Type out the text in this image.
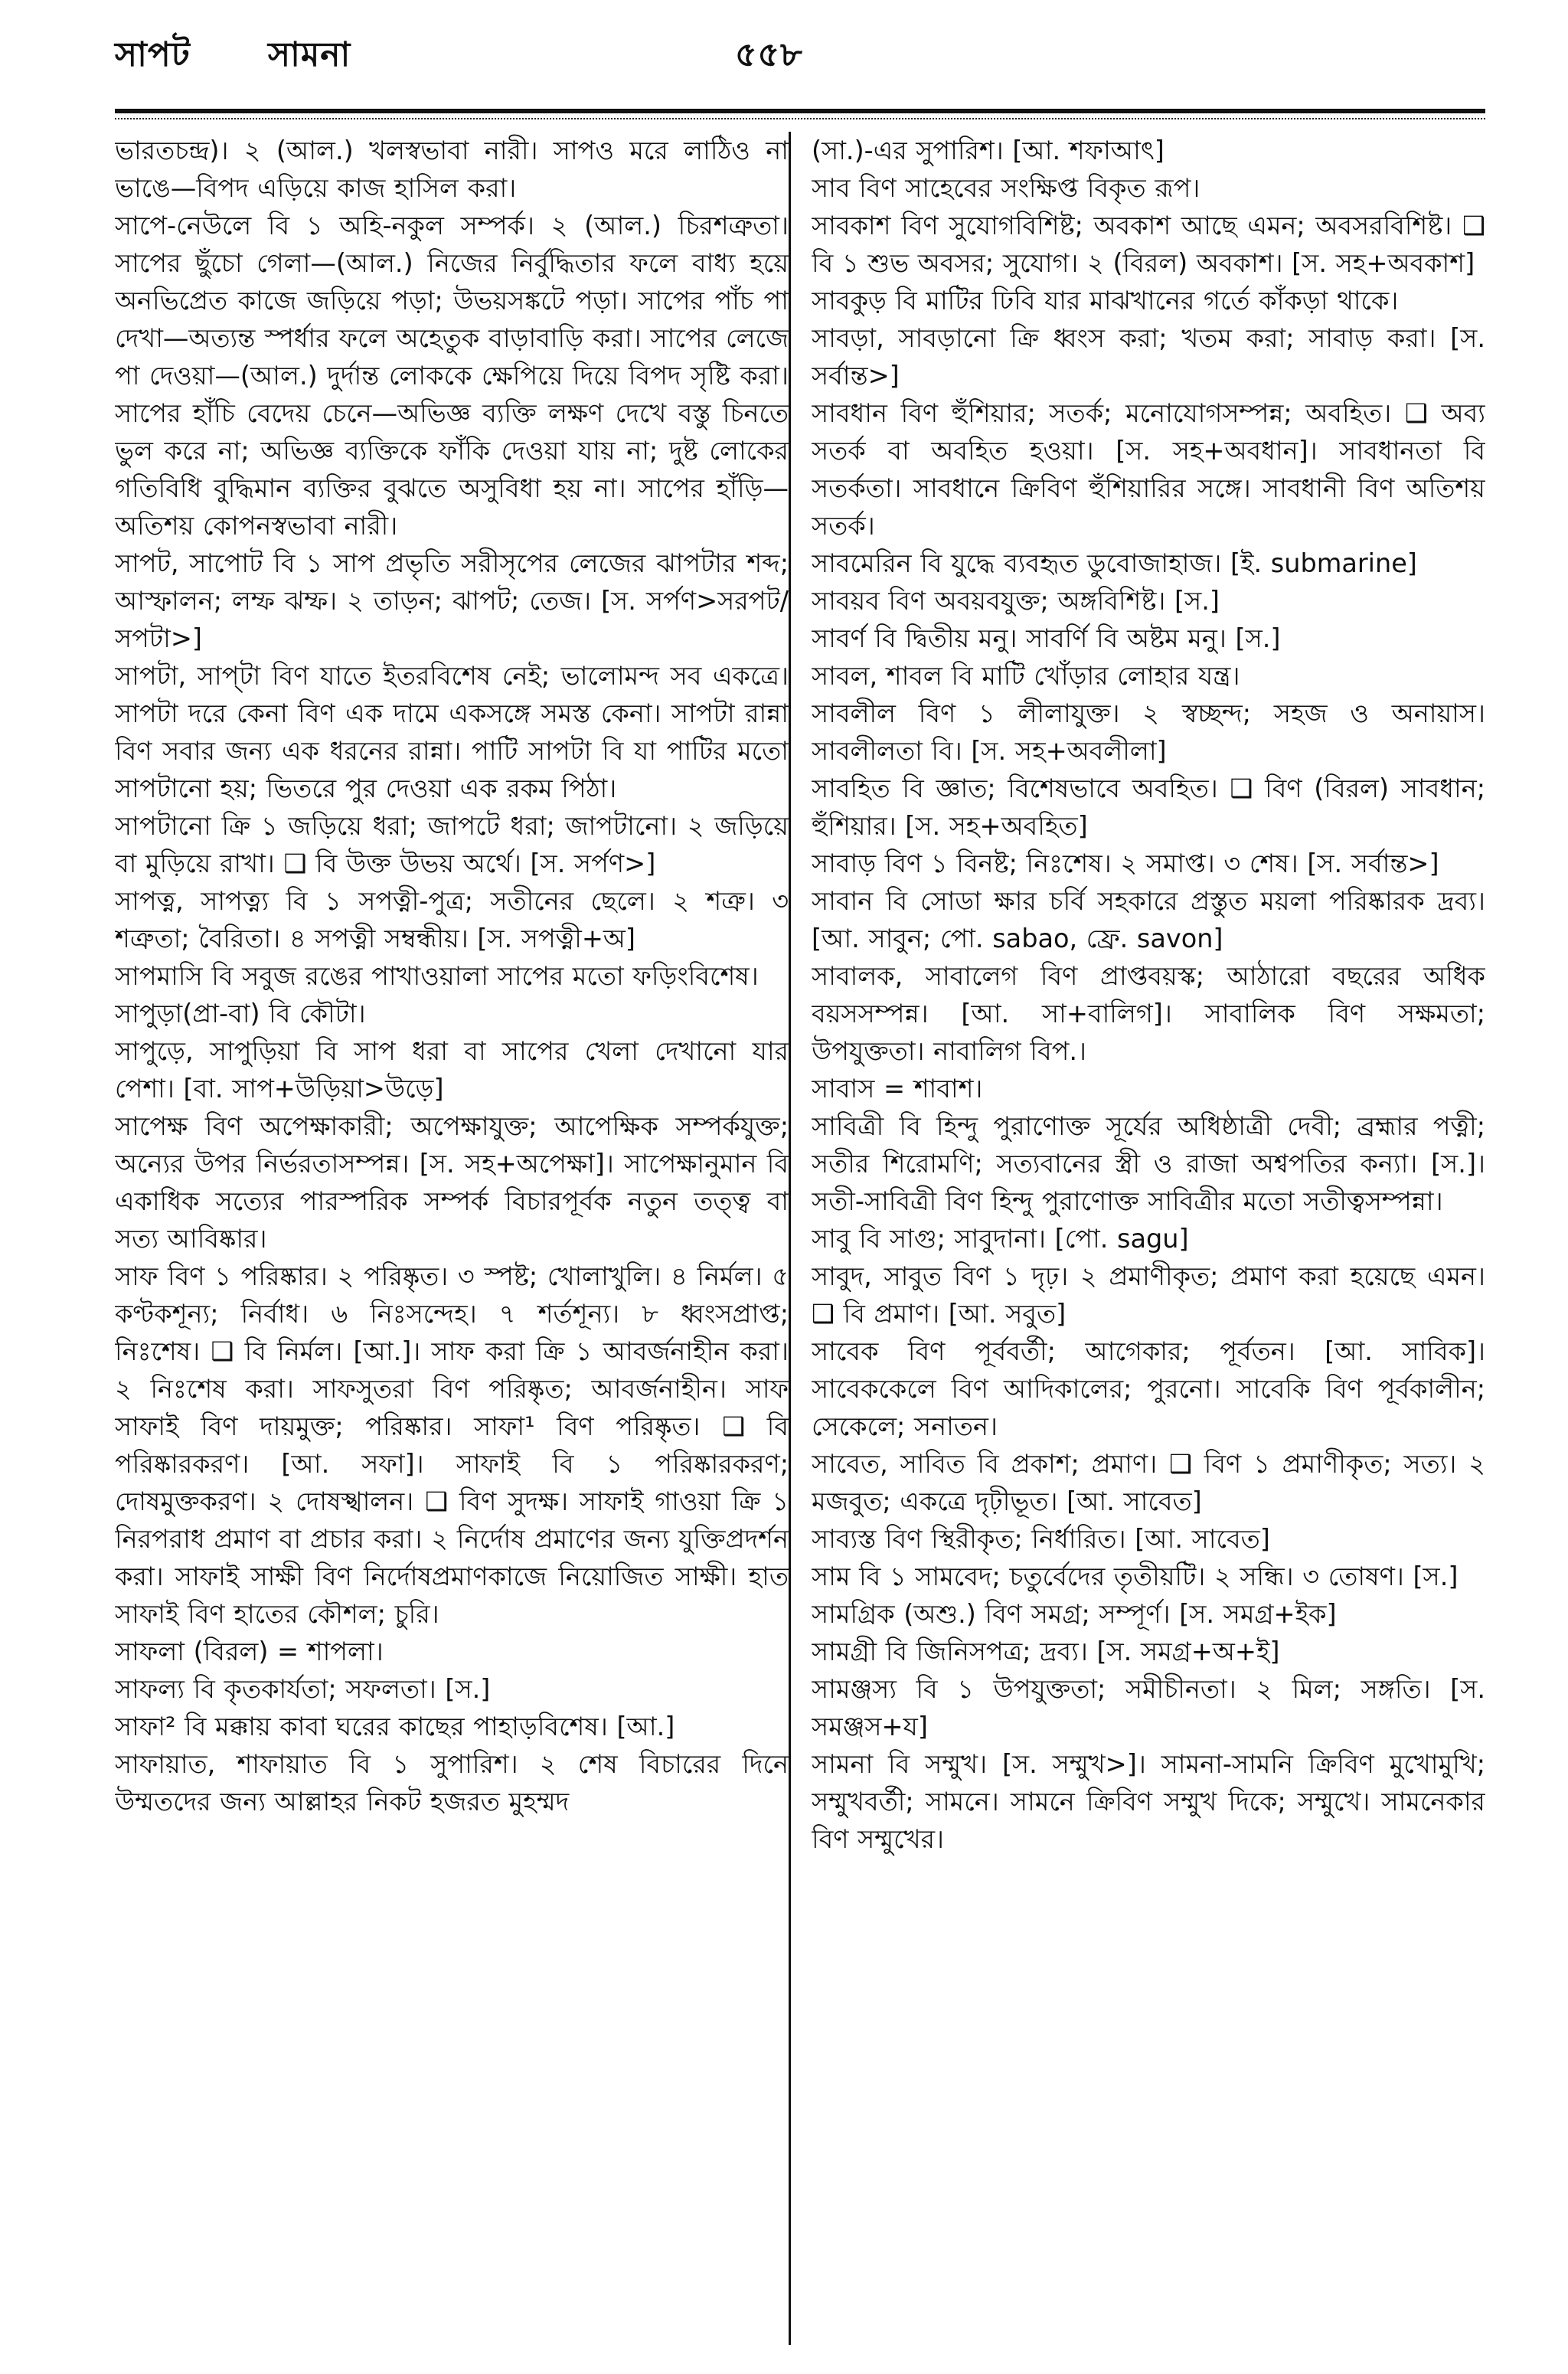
সাপট সামনা	৫৫৮

ভারতচন্দ্র)। ২ (আল.) খলস্বভাবা নারী। সাপও মরে লাঠিও না ভাঙে—বিপদ এড়িয়ে কাজ হাসিল করা।

সাপে-নেউলে বি ১ অহি-নকুল সম্পর্ক। ২ (আল.) চিরশত্রুতা। সাপের ছুঁচো গেলা—(আল.) নিজের নির্বুদ্ধিতার ফলে বাধ্য হয়ে অনভিপ্রেত কাজে জড়িয়ে পড়া; উভয়সঙ্কটে পড়া। সাপের পাঁচ পা দেখা—অত্যন্ত স্পর্ধার ফলে অহেতুক বাড়াবাড়ি করা। সাপের লেজে পা দেওয়া—(আল.) দুর্দান্ত লোককে ক্ষেপিয়ে দিয়ে বিপদ সৃষ্টি করা। সাপের হাঁচি বেদেয় চেনে—অভিজ্ঞ ব্যক্তি লক্ষণ দেখে বস্তু চিনতে ভুল করে না; অভিজ্ঞ ব্যক্তিকে ফাঁকি দেওয়া যায় না; দুষ্ট লোকের গতিবিধি বুদ্ধিমান ব্যক্তির বুঝতে অসুবিধা হয় না। সাপের হাঁড়ি—অতিশয় কোপনস্বভাবা নারী।

সাপট, সাপোট বি ১ সাপ প্রভৃতি সরীসৃপের লেজের ঝাপটার শব্দ; আস্ফালন; লম্ফ ঝম্ফ। ২ তাড়ন; ঝাপট; তেজ। [স. সর্পণ>সরপট/সপটা>]

সাপটা, সাপ্‌টা বিণ যাতে ইতরবিশেষ নেই; ভালোমন্দ সব একত্রে। সাপটা দরে কেনা বিণ এক দামে একসঙ্গে সমস্ত কেনা। সাপটা রান্না বিণ সবার জন্য এক ধরনের রান্না। পাটি সাপটা বি যা পাটির মতো সাপটানো হয়; ভিতরে পুর দেওয়া এক রকম পিঠা।

সাপটানো ক্রি ১ জড়িয়ে ধরা; জাপটে ধরা; জাপটানো। ২ জড়িয়ে বা মুড়িয়ে রাখা। ❑ বি উক্ত উভয় অর্থে। [স. সর্পণ>]

সাপত্ন, সাপত্ন্য বি ১ সপত্নী-পুত্র; সতীনের ছেলে। ২ শত্রু। ৩ শত্রুতা; বৈরিতা। ৪ সপত্নী সম্বন্ধীয়। [স. সপত্নী+অ]

সাপমাসি বি সবুজ রঙের পাখাওয়ালা সাপের মতো ফড়িংবিশেষ।

সাপুড়া(প্রা-বা) বি কৌটা।

সাপুড়ে, সাপুড়িয়া বি সাপ ধরা বা সাপের খেলা দেখানো যার পেশা। [বা. সাপ+উড়িয়া>উড়ে]

সাপেক্ষ বিণ অপেক্ষাকারী; অপেক্ষাযুক্ত; আপেক্ষিক সম্পর্কযুক্ত; অন্যের উপর নির্ভরতাসম্পন্ন। [স. সহ+অপেক্ষা]। সাপেক্ষানুমান বি একাধিক সত্যের পারস্পরিক সম্পর্ক বিচারপূর্বক নতুন তত্ত্ব বা সত্য আবিষ্কার।

সাফ বিণ ১ পরিষ্কার। ২ পরিষ্কৃত। ৩ স্পষ্ট; খোলাখুলি। ৪ নির্মল। ৫ কণ্টকশূন্য; নির্বাধ। ৬ নিঃসন্দেহ। ৭ শর্তশূন্য। ৮ ধ্বংসপ্রাপ্ত; নিঃশেষ। ❑ বি নির্মল। [আ.]। সাফ করা ক্রি ১ আবর্জনাহীন করা। ২ নিঃশেষ করা। সাফসুতরা বিণ পরিষ্কৃত; আবর্জনাহীন। সাফ সাফাই বিণ দায়মুক্ত; পরিষ্কার। সাফা¹ বিণ পরিষ্কৃত। ❑ বি পরিষ্কারকরণ। [আ. সফা]। সাফাই বি ১ পরিষ্কারকরণ; দোষমুক্তকরণ। ২ দোষস্খালন। ❑ বিণ সুদক্ষ। সাফাই গাওয়া ক্রি ১ নিরপরাধ প্রমাণ বা প্রচার করা। ২ নির্দোষ প্রমাণের জন্য যুক্তিপ্রদর্শন করা। সাফাই সাক্ষী বিণ নির্দোষপ্রমাণকাজে নিয়োজিত সাক্ষী। হাত সাফাই বিণ হাতের কৌশল; চুরি।

সাফলা (বিরল) = শাপলা।

সাফল্য বি কৃতকার্যতা; সফলতা। [স.]

সাফা² বি মক্কায় কাবা ঘরের কাছের পাহাড়বিশেষ। [আ.]

সাফায়াত, শাফায়াত বি ১ সুপারিশ। ২ শেষ বিচারের দিনে উম্মতদের জন্য আল্লাহর নিকট হজরত মুহম্মদ

(সা.)-এর সুপারিশ। [আ. শফাআৎ]

সাব বিণ সাহেবের সংক্ষিপ্ত বিকৃত রূপ।

সাবকাশ বিণ সুযোগবিশিষ্ট; অবকাশ আছে এমন; অবসরবিশিষ্ট। ❑ বি ১ শুভ অবসর; সুযোগ। ২ (বিরল) অবকাশ। [স. সহ+অবকাশ]

সাবকুড় বি মাটির ঢিবি যার মাঝখানের গর্তে কাঁকড়া থাকে।

সাবড়া, সাবড়ানো ক্রি ধ্বংস করা; খতম করা; সাবাড় করা। [স. সর্বান্ত>]

সাবধান বিণ হুঁশিয়ার; সতর্ক; মনোযোগসম্পন্ন; অবহিত। ❑ অব্য সতর্ক বা অবহিত হওয়া। [স. সহ+অবধান]। সাবধানতা বি সতর্কতা। সাবধানে ক্রিবিণ হুঁশিয়ারির সঙ্গে। সাবধানী বিণ অতিশয় সতর্ক।

সাবমেরিন বি যুদ্ধে ব্যবহৃত ডুবোজাহাজ। [ই. submarine]

সাবয়ব বিণ অবয়বযুক্ত; অঙ্গবিশিষ্ট। [স.]

সাবর্ণ বি দ্বিতীয় মনু। সাবর্ণি বি অষ্টম মনু। [স.]

সাবল, শাবল বি মাটি খোঁড়ার লোহার যন্ত্র।

সাবলীল বিণ ১ লীলাযুক্ত। ২ স্বচ্ছন্দ; সহজ ও অনায়াস। সাবলীলতা বি। [স. সহ+অবলীলা]

সাবহিত বি জ্ঞাত; বিশেষভাবে অবহিত। ❑ বিণ (বিরল) সাবধান; হুঁশিয়ার। [স. সহ+অবহিত]

সাবাড় বিণ ১ বিনষ্ট; নিঃশেষ। ২ সমাপ্ত। ৩ শেষ। [স. সর্বান্ত>]

সাবান বি সোডা ক্ষার চর্বি সহকারে প্রস্তুত ময়লা পরিষ্কারক দ্রব্য। [আ. সাবুন; পো. sabao, ফ্রে. savon]

সাবালক, সাবালেগ বিণ প্রাপ্তবয়স্ক; আঠারো বছরের অধিক বয়সসম্পন্ন। [আ. সা+বালিগ]। সাবালিক বিণ সক্ষমতা; উপযুক্ততা। নাবালিগ বিপ.।

সাবাস = শাবাশ।

সাবিত্রী বি হিন্দু পুরাণোক্ত সূর্যের অধিষ্ঠাত্রী দেবী; ব্রহ্মার পত্নী; সতীর শিরোমণি; সত্যবানের স্ত্রী ও রাজা অশ্বপতির কন্যা। [স.]। সতী-সাবিত্রী বিণ হিন্দু পুরাণোক্ত সাবিত্রীর মতো সতীত্বসম্পন্না।

সাবু বি সাগু; সাবুদানা। [পো. sagu]

সাবুদ, সাবুত বিণ ১ দৃঢ়। ২ প্রমাণীকৃত; প্রমাণ করা হয়েছে এমন। ❑ বি প্রমাণ। [আ. সবুত]

সাবেক বিণ পূর্ববর্তী; আগেকার; পূর্বতন। [আ. সাবিক]। সাবেককেলে বিণ আদিকালের; পুরনো। সাবেকি বিণ পূর্বকালীন; সেকেলে; সনাতন।

সাবেত, সাবিত বি প্রকাশ; প্রমাণ। ❑ বিণ ১ প্রমাণীকৃত; সত্য। ২ মজবুত; একত্রে দৃঢ়ীভূত। [আ. সাবেত]

সাব্যস্ত বিণ স্থিরীকৃত; নির্ধারিত। [আ. সাবেত]

সাম বি ১ সামবেদ; চতুর্বেদের তৃতীয়টি। ২ সন্ধি। ৩ তোষণ। [স.]

সামগ্রিক (অশু.) বিণ সমগ্র; সম্পূর্ণ। [স. সমগ্র+ইক]

সামগ্রী বি জিনিসপত্র; দ্রব্য। [স. সমগ্র+অ+ই]

সামঞ্জস্য বি ১ উপযুক্ততা; সমীচীনতা। ২ মিল; সঙ্গতি। [স. সমঞ্জস+য]

সামনা বি সম্মুখ। [স. সম্মুখ>]। সামনা-সামনি ক্রিবিণ মুখোমুখি; সম্মুখবর্তী; সামনে। সামনে ক্রিবিণ সম্মুখ দিকে; সম্মুখে। সামনেকার বিণ সম্মুখের।
